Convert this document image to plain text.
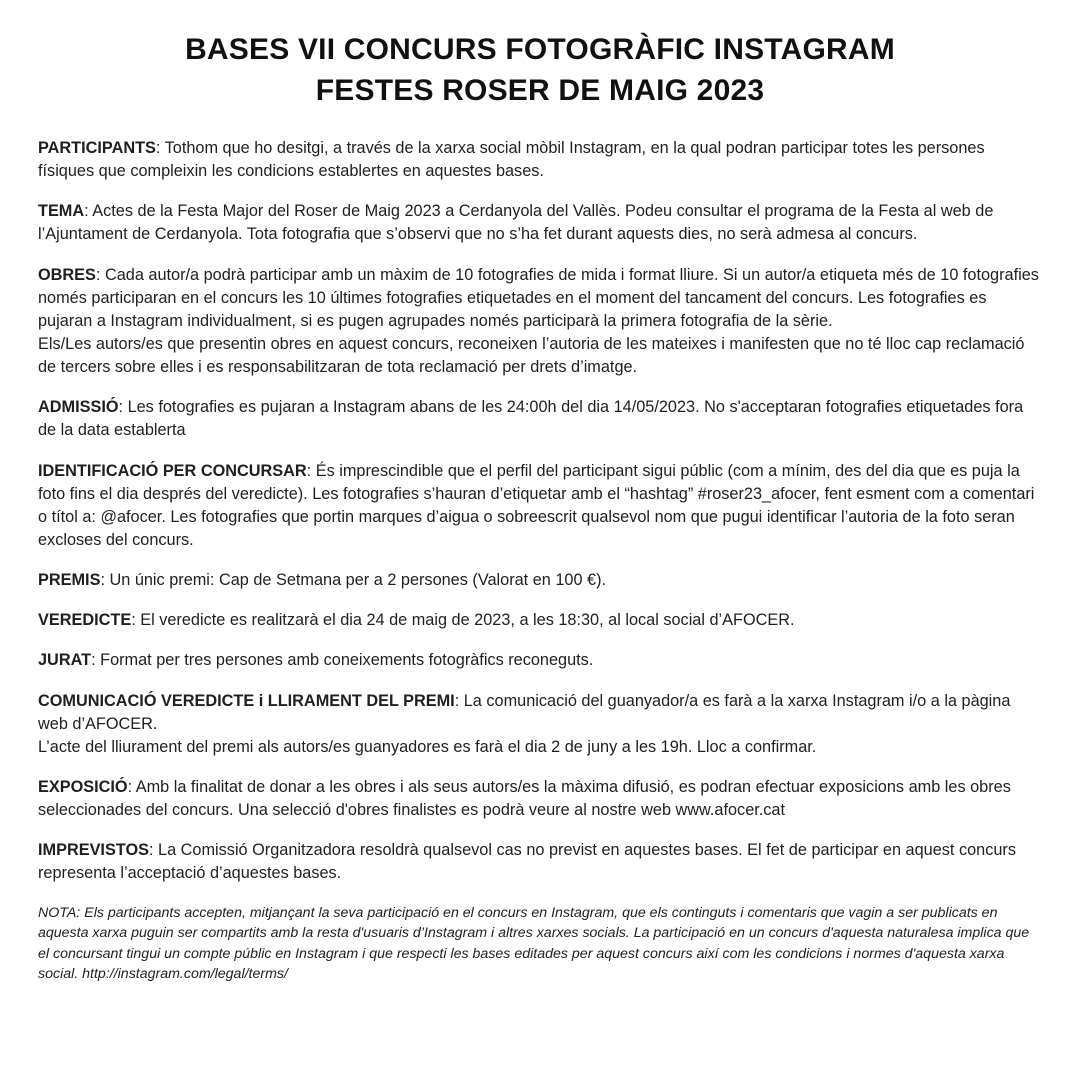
BASES VII CONCURS FOTOGRÀFIC INSTAGRAM
FESTES ROSER DE MAIG 2023

PARTICIPANTS: Tothom que ho desitgi, a través de la xarxa social mòbil Instagram, en la qual podran participar totes les persones físiques que compleixin les condicions establertes en aquestes bases.

TEMA: Actes de la Festa Major del Roser de Maig 2023 a Cerdanyola del Vallès. Podeu consultar el programa de la Festa al web de l’Ajuntament de Cerdanyola. Tota fotografia que s’observi que no s’ha fet durant aquests dies, no serà admesa al concurs.

OBRES: Cada autor/a podrà participar amb un màxim de 10 fotografies de mida i format lliure. Si un autor/a etiqueta més de 10 fotografies només participaran en el concurs les 10 últimes fotografies etiquetades en el moment del tancament del concurs. Les fotografies es pujaran a Instagram individualment, si es pugen agrupades només participarà la primera fotografia de la sèrie.
Els/Les autors/es que presentin obres en aquest concurs, reconeixen l’autoria de les mateixes i manifesten que no té lloc cap reclamació de tercers sobre elles i es responsabilitzaran de tota reclamació per drets d’imatge.

ADMISSIÓ: Les fotografies es pujaran a Instagram abans de les 24:00h del dia 14/05/2023. No s'acceptaran fotografies etiquetades fora de la data establerta

IDENTIFICACIÓ PER CONCURSAR: És imprescindible que el perfil del participant sigui públic (com a mínim, des del dia que es puja la foto fins el dia després del veredicte). Les fotografies s’hauran d’etiquetar amb el “hashtag” #roser23_afocer, fent esment com a comentari o títol a: @afocer. Les fotografies que portin marques d’aigua o sobreescrit qualsevol nom que pugui identificar l’autoria de la foto seran excloses del concurs.

PREMIS: Un únic premi: Cap de Setmana per a 2 persones (Valorat en 100 €).

VEREDICTE: El veredicte es realitzarà el dia 24 de maig de 2023, a les 18:30, al local social d’AFOCER.

JURAT: Format per tres persones amb coneixements fotogràfics reconeguts.

COMUNICACIÓ VEREDICTE i LLIRAMENT DEL PREMI: La comunicació del guanyador/a es farà a la xarxa Instagram i/o a la pàgina web d’AFOCER.
L’acte del lliurament del premi als autors/es guanyadores es farà el dia 2 de juny a les 19h. Lloc a confirmar.

EXPOSICIÓ: Amb la finalitat de donar a les obres i als seus autors/es la màxima difusió, es podran efectuar exposicions amb les obres seleccionades del concurs. Una selecció d'obres finalistes es podrà veure al nostre web www.afocer.cat

IMPREVISTOS: La Comissió Organitzadora resoldrà qualsevol cas no previst en aquestes bases. El fet de participar en aquest concurs representa l’acceptació d’aquestes bases.

NOTA: Els participants accepten, mitjançant la seva participació en el concurs en Instagram, que els continguts i comentaris que vagin a ser publicats en aquesta xarxa puguin ser compartits amb la resta d'usuaris d’Instagram i altres xarxes socials. La participació en un concurs d'aquesta naturalesa implica que el concursant tingui un compte públic en Instagram i que respecti les bases editades per aquest concurs així com les condicions i normes d'aquesta xarxa social. http://instagram.com/legal/terms/
